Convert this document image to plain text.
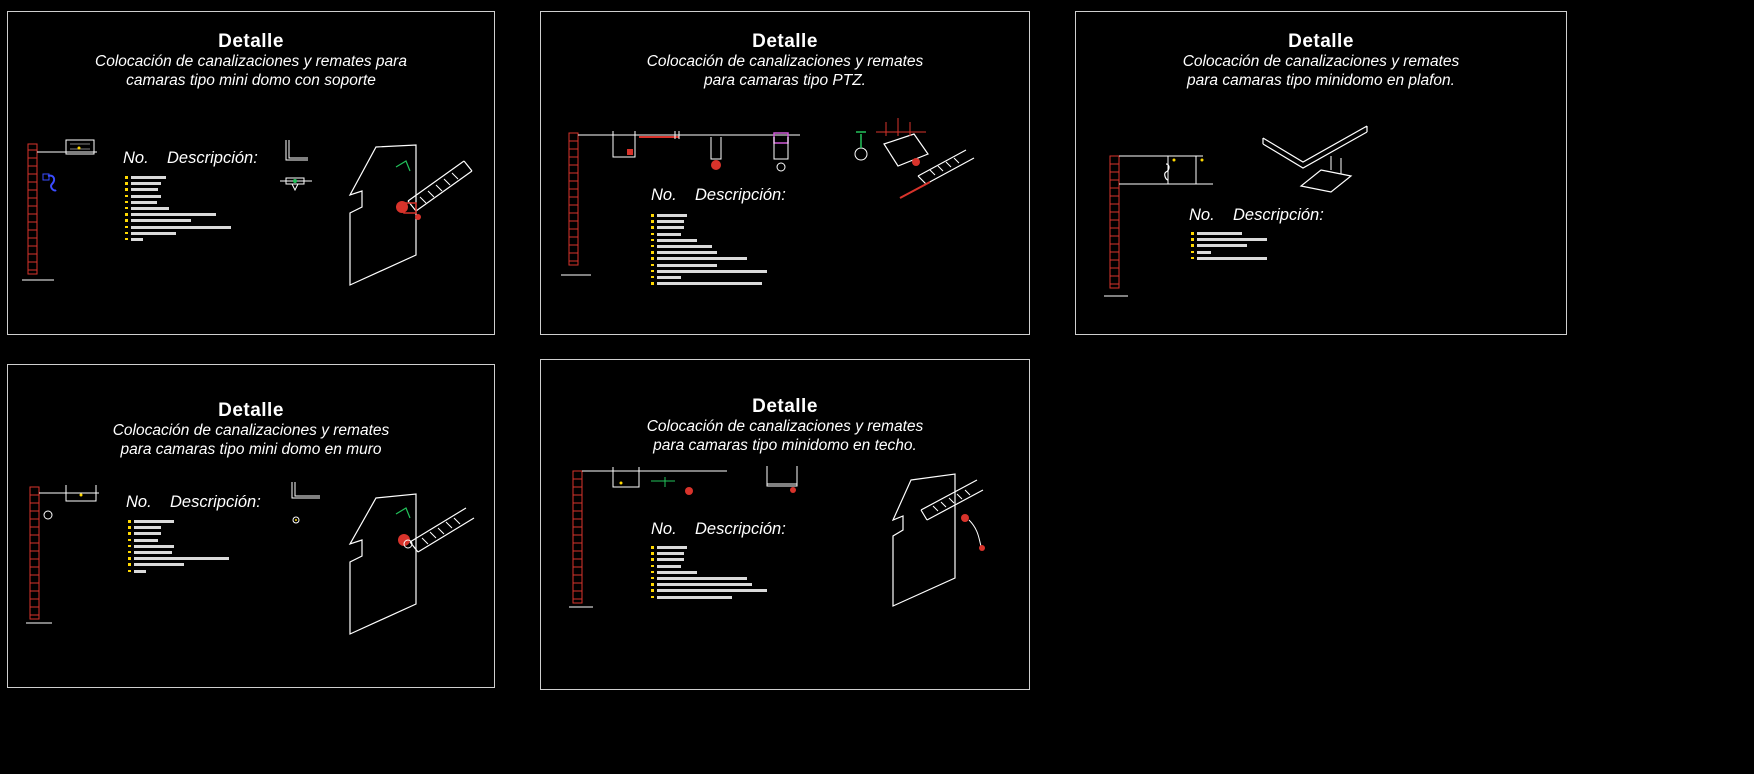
Detalle

Colocación de canalizaciones y remates para
camaras tipo mini domo con soporte

No.    Descripción:
Detalle

Colocación de canalizaciones y remates
para camaras tipo PTZ.

No.    Descripción:
Detalle

Colocación de canalizaciones y remates
para camaras tipo minidomo en plafon.

No.    Descripción:
Detalle

Colocación de canalizaciones y remates
para camaras tipo mini domo en muro

No.    Descripción:
Detalle

Colocación de canalizaciones y remates
para camaras tipo minidomo en techo.

No.    Descripción:
